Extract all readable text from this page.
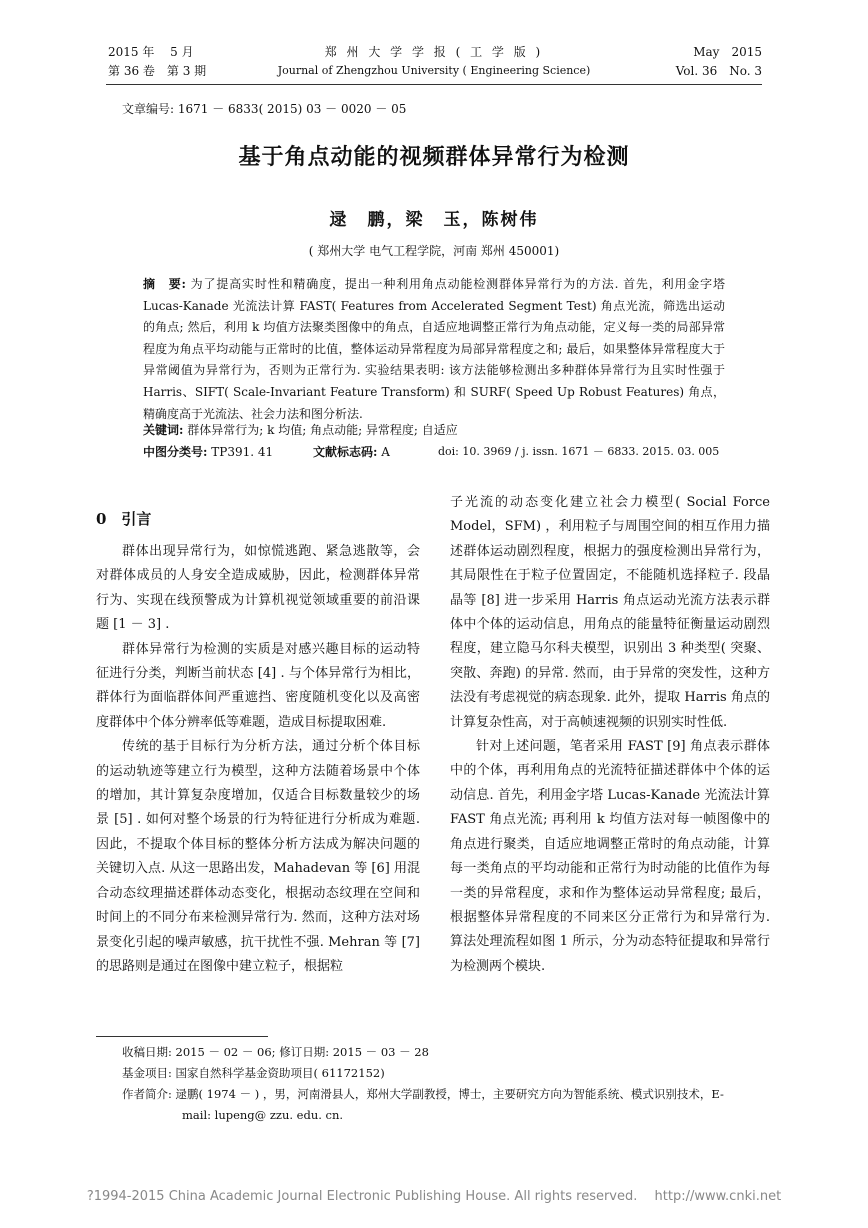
2015 年　 5 月
第 36 卷　第 3 期
郑 州 大 学 学 报 ( 工 学 版 )
Journal of Zhengzhou University ( Engineering Science)
May　2015
Vol. 36　No. 3
文章编号: 1671 － 6833( 2015) 03 － 0020 － 05
基于角点动能的视频群体异常行为检测
逯　鹏，梁　玉，陈树伟
( 郑州大学 电气工程学院，河南 郑州 450001)
摘　要: 为了提高实时性和精确度，提出一种利用角点动能检测群体异常行为的方法. 首先，利用金字塔 Lucas-Kanade 光流法计算 FAST( Features from Accelerated Segment Test) 角点光流，筛选出运动的角点; 然后，利用 k 均值方法聚类图像中的角点，自适应地调整正常行为角点动能，定义每一类的局部异常程度为角点平均动能与正常时的比值，整体运动异常程度为局部异常程度之和; 最后，如果整体异常程度大于异常阈值为异常行为，否则为正常行为. 实验结果表明: 该方法能够检测出多种群体异常行为且实时性强于 Harris、SIFT( Scale-Invariant Feature Transform) 和 SURF( Speed Up Robust Features) 角点，精确度高于光流法、社会力法和图分析法.
关键词: 群体异常行为; k 均值; 角点动能; 异常程度; 自适应
中图分类号: TP391. 41	文献标志码: A	doi: 10. 3969 / j. issn. 1671 － 6833. 2015. 03. 005
0　引言

群体出现异常行为，如惊慌逃跑、紧急逃散等，会对群体成员的人身安全造成威胁，因此，检测群体异常行为、实现在线预警成为计算机视觉领域重要的前沿课题 [1 － 3] .

群体异常行为检测的实质是对感兴趣目标的运动特征进行分类，判断当前状态 [4] . 与个体异常行为相比，群体行为面临群体间严重遮挡、密度随机变化以及高密度群体中个体分辨率低等难题，造成目标提取困难.

传统的基于目标行为分析方法，通过分析个体目标的运动轨迹等建立行为模型，这种方法随着场景中个体的增加，其计算复杂度增加，仅适合目标数量较少的场景 [5] . 如何对整个场景的行为特征进行分析成为难题. 因此，不提取个体目标的整体分析方法成为解决问题的关键切入点. 从这一思路出发，Mahadevan 等 [6] 用混合动态纹理描述群体动态变化，根据动态纹理在空间和时间上的不同分布来检测异常行为. 然而，这种方法对场景变化引起的噪声敏感，抗干扰性不强. Mehran 等 [7] 的思路则是通过在图像中建立粒子，根据粒

子光流的动态变化建立社会力模型( Social Force Model，SFM) ，利用粒子与周围空间的相互作用力描述群体运动剧烈程度，根据力的强度检测出异常行为，其局限性在于粒子位置固定，不能随机选择粒子. 段晶晶等 [8] 进一步采用 Harris 角点运动光流方法表示群体中个体的运动信息，用角点的能量特征衡量运动剧烈程度，建立隐马尔科夫模型，识别出 3 种类型( 突聚、突散、奔跑) 的异常. 然而，由于异常的突发性，这种方法没有考虑视觉的病态现象. 此外，提取 Harris 角点的计算复杂性高，对于高帧速视频的识别实时性低.

针对上述问题，笔者采用 FAST [9] 角点表示群体中的个体，再利用角点的光流特征描述群体中个体的运动信息. 首先，利用金字塔 Lucas-Kanade 光流法计算 FAST 角点光流; 再利用 k 均值方法对每一帧图像中的角点进行聚类，自适应地调整正常时的角点动能，计算每一类角点的平均动能和正常行为时动能的比值作为每一类的异常程度，求和作为整体运动异常程度; 最后，根据整体异常程度的不同来区分正常行为和异常行为. 算法处理流程如图 1 所示，分为动态特征提取和异常行为检测两个模块.

收稿日期: 2015 － 02 － 06; 修订日期: 2015 － 03 － 28
基金项目: 国家自然科学基金资助项目( 61172152)
作者简介: 逯鹏( 1974 － ) ，男，河南滑县人，郑州大学副教授，博士，主要研究方向为智能系统、模式识别技术，E-
mail: lupeng@ zzu. edu. cn.
?1994-2015 China Academic Journal Electronic Publishing House. All rights reserved.　 http://www.cnki.net
